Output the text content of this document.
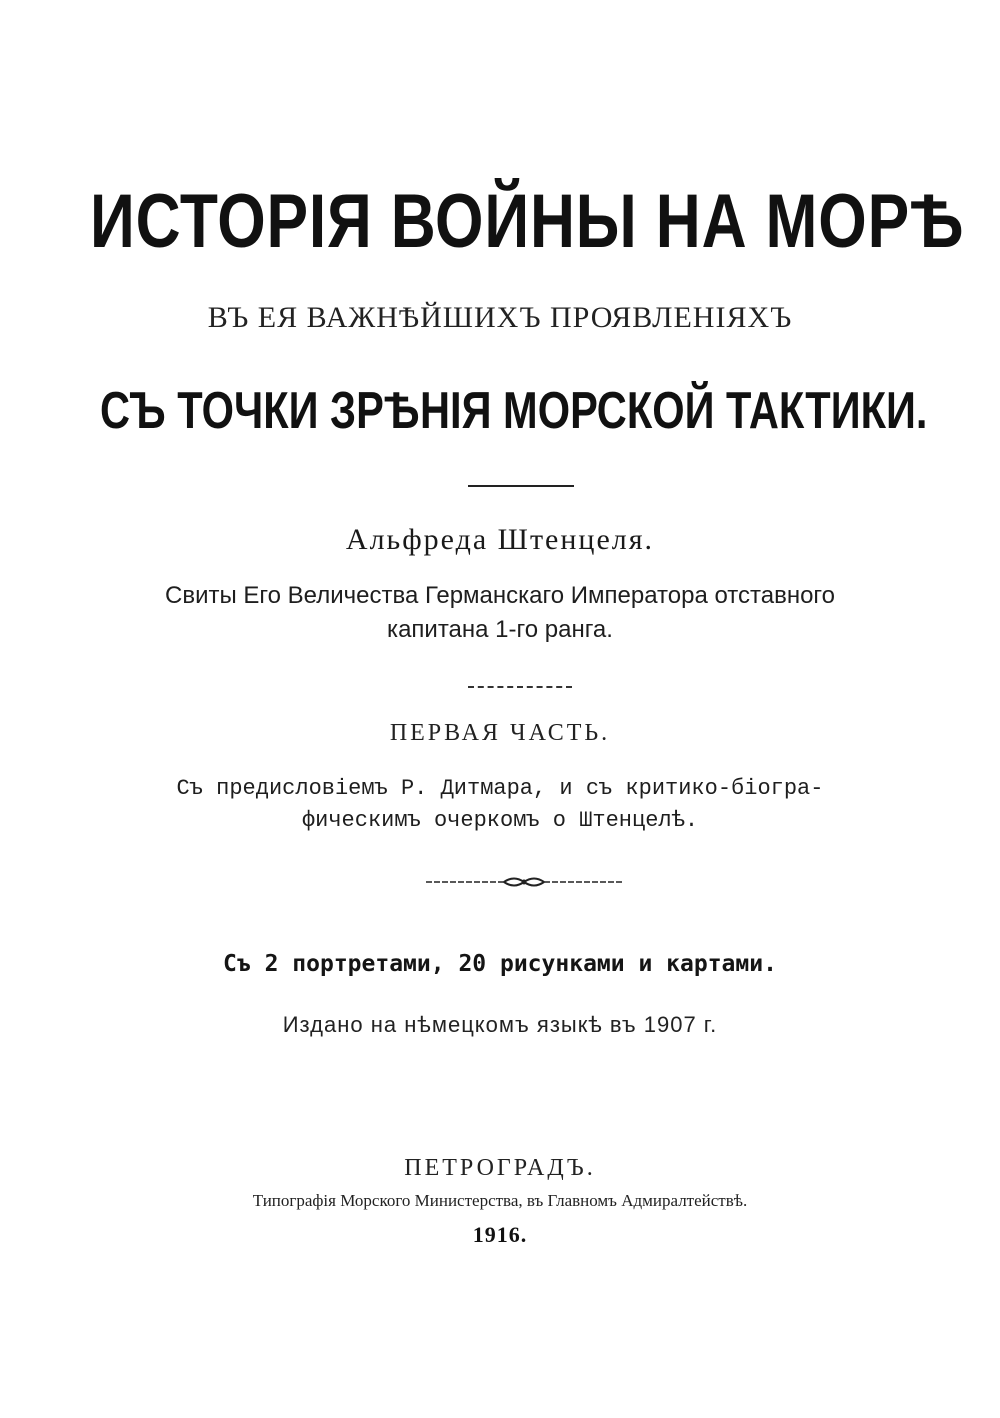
ИСТОРІЯ ВОЙНЫ НА МОРѢ
ВЪ ЕЯ ВАЖНѢЙШИХЪ ПРОЯВЛЕНІЯХЪ
СЪ ТОЧКИ ЗРѢНІЯ МОРСКОЙ ТАКТИКИ.
Альфреда Штенцеля.
Свиты Его Величества Германскаго Императора отставного
капитана 1-го ранга.
ПЕРВАЯ ЧАСТЬ.
Съ предисловіемъ Р. Дитмара, и съ критико-біогра-
фическимъ очеркомъ о Штенцелѣ.
Съ 2 портретами, 20 рисунками и картами.
Издано на нѣмецкомъ языкѣ въ 1907 г.
ПЕТРОГРАДЪ.
Типографія Морского Министерства, въ Главномъ Адмиралтействѣ.
1916.
